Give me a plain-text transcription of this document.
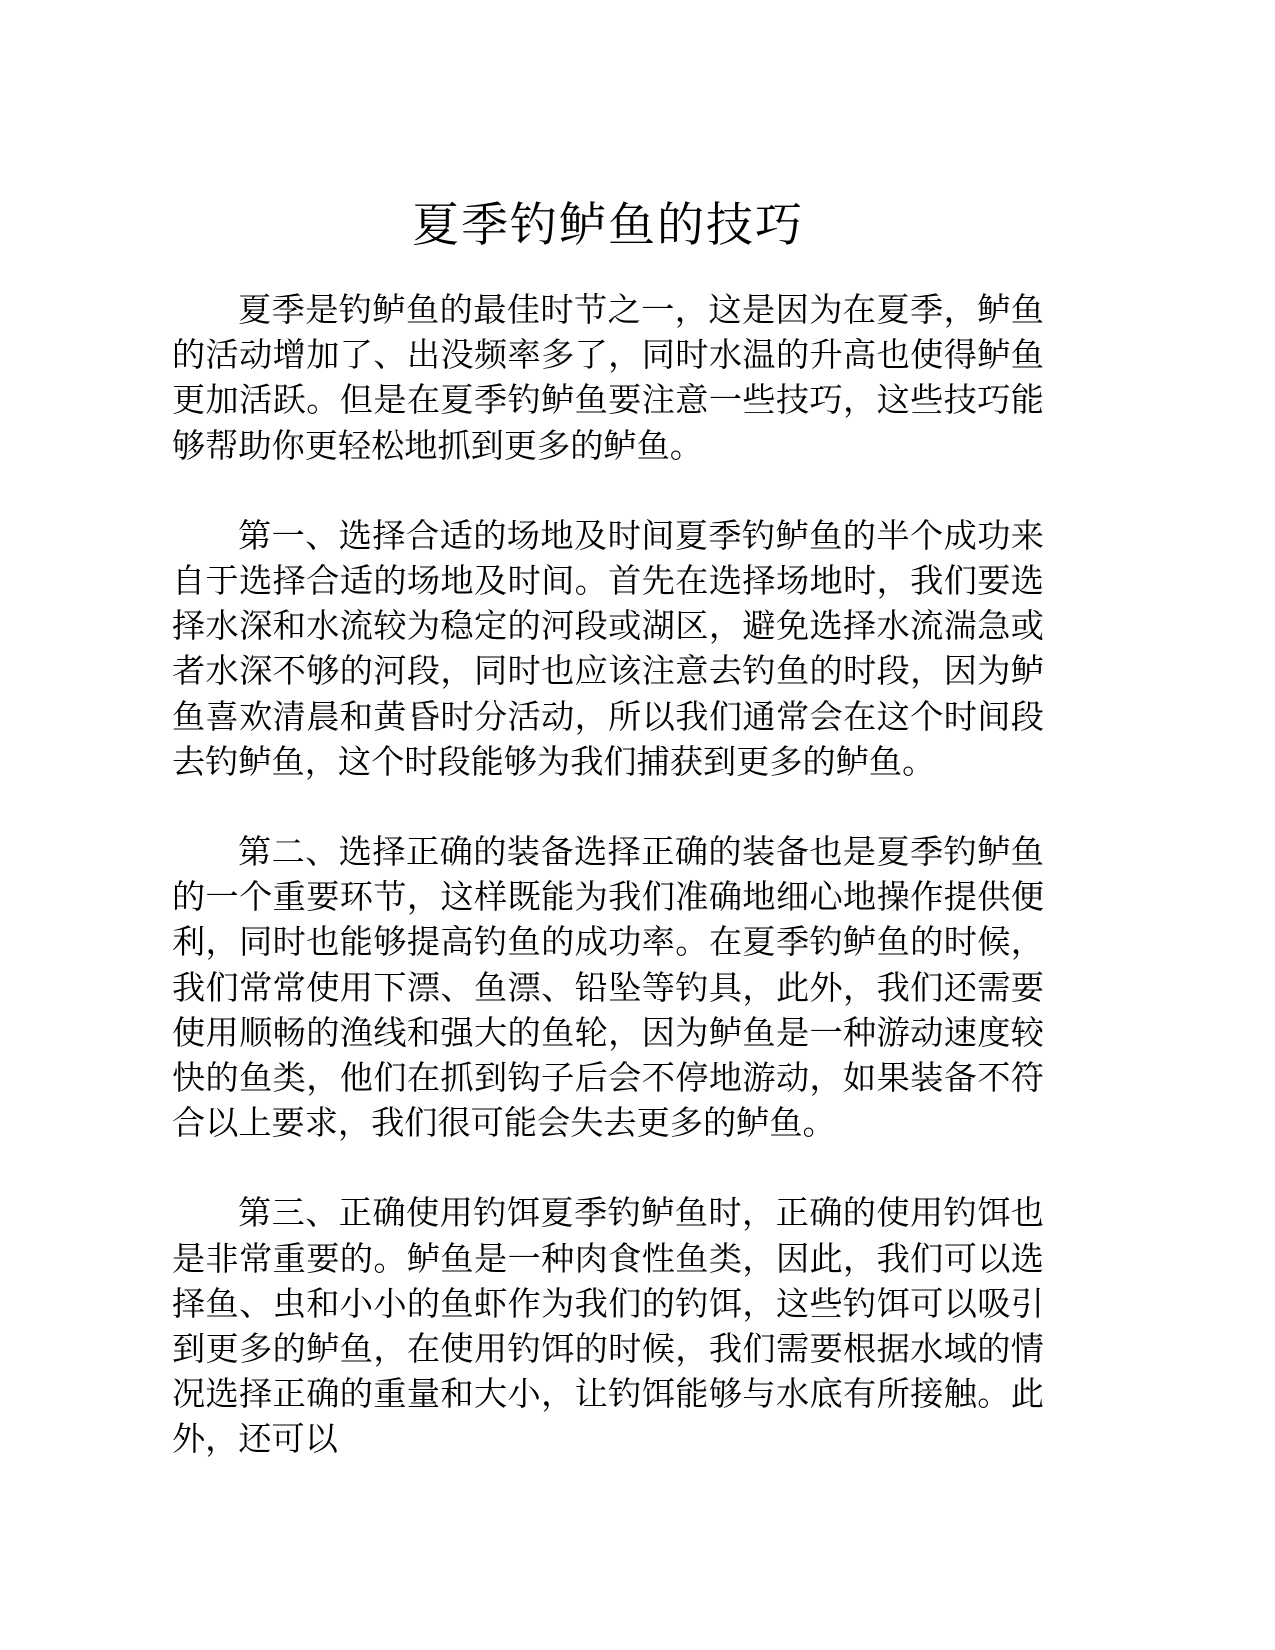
夏季钓鲈鱼的技巧

夏季是钓鲈鱼的最佳时节之一，这是因为在夏季，鲈鱼的活动增加了、出没频率多了，同时水温的升高也使得鲈鱼更加活跃。但是在夏季钓鲈鱼要注意一些技巧，这些技巧能够帮助你更轻松地抓到更多的鲈鱼。

第一、选择合适的场地及时间夏季钓鲈鱼的半个成功来自于选择合适的场地及时间。首先在选择场地时，我们要选择水深和水流较为稳定的河段或湖区，避免选择水流湍急或者水深不够的河段，同时也应该注意去钓鱼的时段，因为鲈鱼喜欢清晨和黄昏时分活动，所以我们通常会在这个时间段去钓鲈鱼，这个时段能够为我们捕获到更多的鲈鱼。

第二、选择正确的装备选择正确的装备也是夏季钓鲈鱼的一个重要环节，这样既能为我们准确地细心地操作提供便利，同时也能够提高钓鱼的成功率。在夏季钓鲈鱼的时候，我们常常使用下漂、鱼漂、铅坠等钓具，此外，我们还需要使用顺畅的渔线和强大的鱼轮，因为鲈鱼是一种游动速度较快的鱼类，他们在抓到钩子后会不停地游动，如果装备不符合以上要求，我们很可能会失去更多的鲈鱼。

第三、正确使用钓饵夏季钓鲈鱼时，正确的使用钓饵也是非常重要的。鲈鱼是一种肉食性鱼类，因此，我们可以选择鱼、虫和小小的鱼虾作为我们的钓饵，这些钓饵可以吸引到更多的鲈鱼，在使用钓饵的时候，我们需要根据水域的情况选择正确的重量和大小，让钓饵能够与水底有所接触。此外，还可以
